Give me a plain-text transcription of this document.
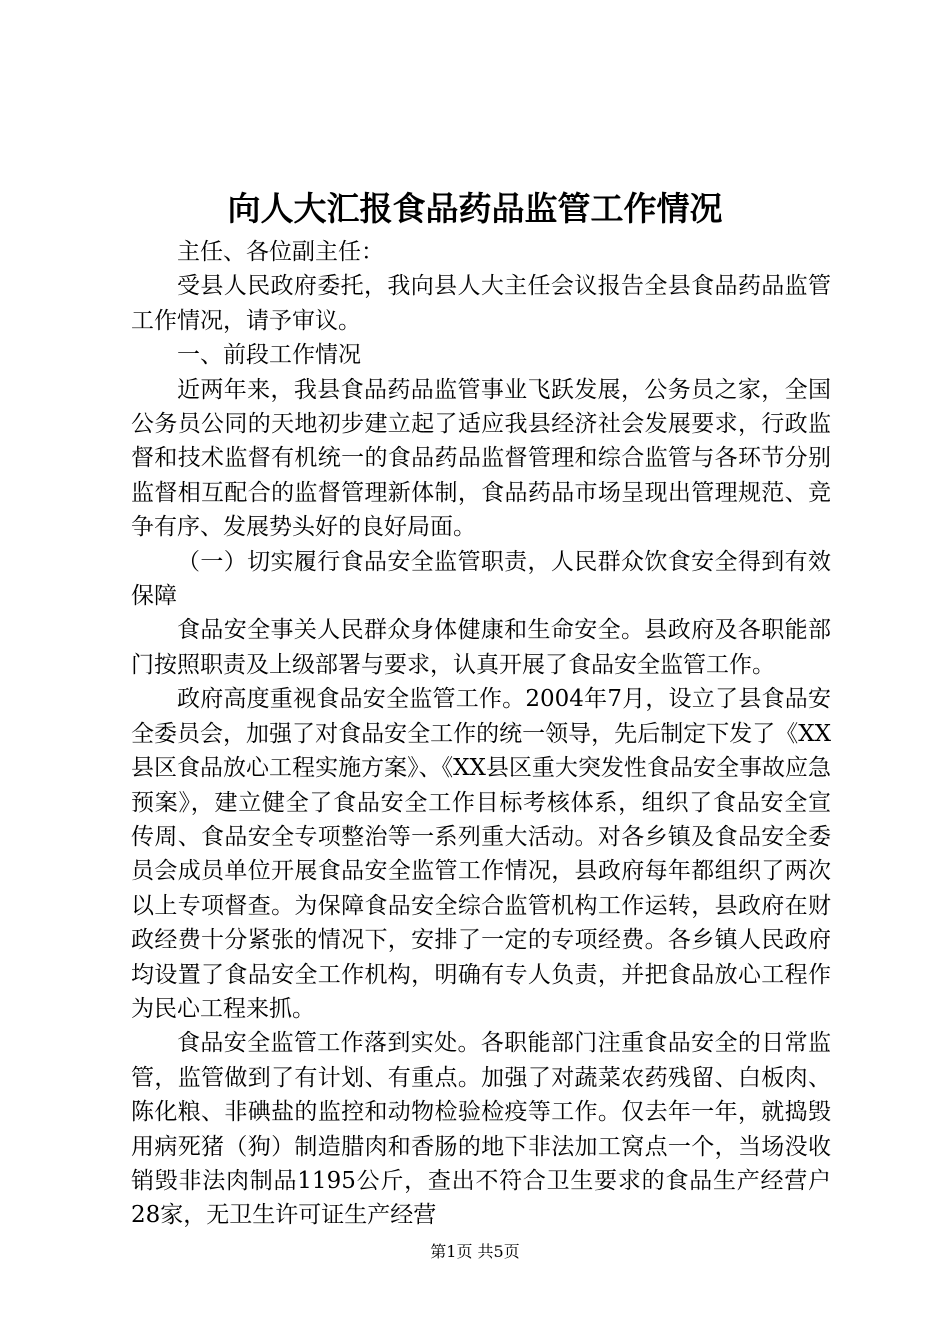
向人大汇报食品药品监管工作情况

主任、各位副主任：

受县人民政府委托，我向县人大主任会议报告全县食品药品监管工作情况，请予审议。

一、前段工作情况

近两年来，我县食品药品监管事业飞跃发展，公务员之家，全国公务员公同的天地初步建立起了适应我县经济社会发展要求，行政监督和技术监督有机统一的食品药品监督管理和综合监管与各环节分别监督相互配合的监督管理新体制，食品药品市场呈现出管理规范、竞争有序、发展势头好的良好局面。

（一）切实履行食品安全监管职责，人民群众饮食安全得到有效保障

食品安全事关人民群众身体健康和生命安全。县政府及各职能部门按照职责及上级部署与要求，认真开展了食品安全监管工作。

政府高度重视食品安全监管工作。2004年7月，设立了县食品安全委员会，加强了对食品安全工作的统一领导，先后制定下发了《XX县区食品放心工程实施方案》、《XX县区重大突发性食品安全事故应急预案》，建立健全了食品安全工作目标考核体系，组织了食品安全宣传周、食品安全专项整治等一系列重大活动。对各乡镇及食品安全委员会成员单位开展食品安全监管工作情况，县政府每年都组织了两次以上专项督查。为保障食品安全综合监管机构工作运转，县政府在财政经费十分紧张的情况下，安排了一定的专项经费。各乡镇人民政府均设置了食品安全工作机构，明确有专人负责，并把食品放心工程作为民心工程来抓。

食品安全监管工作落到实处。各职能部门注重食品安全的日常监管，监管做到了有计划、有重点。加强了对蔬菜农药残留、白板肉、陈化粮、非碘盐的监控和动物检验检疫等工作。仅去年一年，就捣毁用病死猪（狗）制造腊肉和香肠的地下非法加工窝点一个，当场没收销毁非法肉制品1195公斤，查出不符合卫生要求的食品生产经营户28家，无卫生许可证生产经营

第1页 共5页
